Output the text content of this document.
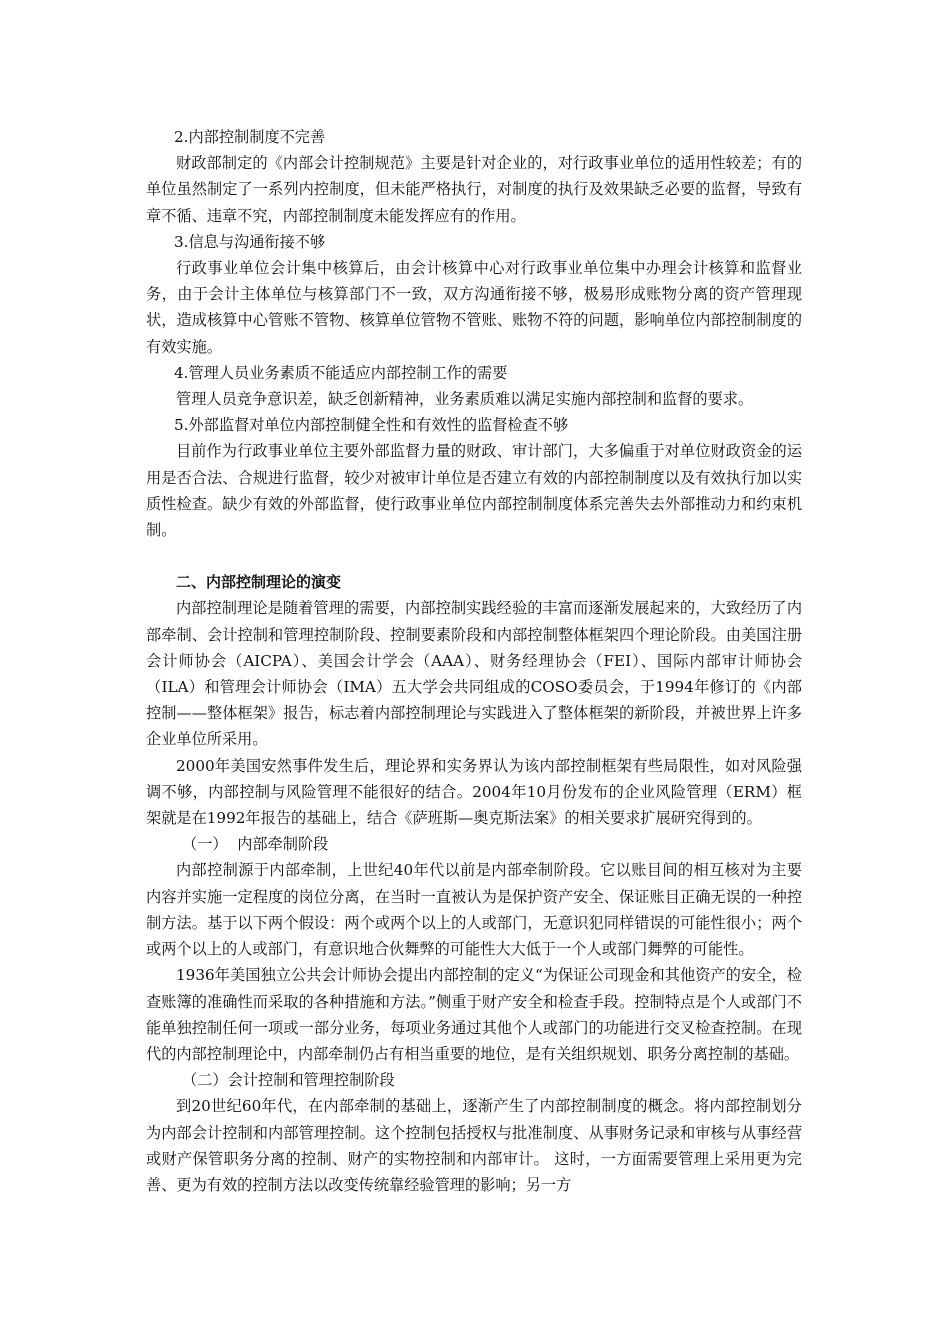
2.内部控制制度不完善

财政部制定的《内部会计控制规范》主要是针对企业的，对行政事业单位的适用性较差；有的单位虽然制定了一系列内控制度，但未能严格执行，对制度的执行及效果缺乏必要的监督，导致有章不循、违章不究，内部控制制度未能发挥应有的作用。

3.信息与沟通衔接不够

行政事业单位会计集中核算后，由会计核算中心对行政事业单位集中办理会计核算和监督业务，由于会计主体单位与核算部门不一致，双方沟通衔接不够，极易形成账物分离的资产管理现状，造成核算中心管账不管物、核算单位管物不管账、账物不符的问题，影响单位内部控制制度的有效实施。

4.管理人员业务素质不能适应内部控制工作的需要

管理人员竞争意识差，缺乏创新精神，业务素质难以满足实施内部控制和监督的要求。

5.外部监督对单位内部控制健全性和有效性的监督检查不够

目前作为行政事业单位主要外部监督力量的财政、审计部门，大多偏重于对单位财政资金的运用是否合法、合规进行监督，较少对被审计单位是否建立有效的内部控制制度以及有效执行加以实质性检查。缺少有效的外部监督，使行政事业单位内部控制制度体系完善失去外部推动力和约束机制。

二、内部控制理论的演变

内部控制理论是随着管理的需要，内部控制实践经验的丰富而逐渐发展起来的，大致经历了内部牵制、会计控制和管理控制阶段、控制要素阶段和内部控制整体框架四个理论阶段。由美国注册会计师协会（AICPA）、美国会计学会（AAA）、财务经理协会（FEI）、国际内部审计师协会（ILA）和管理会计师协会（IMA）五大学会共同组成的COSO委员会，于1994年修订的《内部控制——整体框架》报告，标志着内部控制理论与实践进入了整体框架的新阶段，并被世界上许多企业单位所采用。

2000年美国安然事件发生后，理论界和实务界认为该内部控制框架有些局限性，如对风险强调不够，内部控制与风险管理不能很好的结合。2004年10月份发布的企业风险管理（ERM）框架就是在1992年报告的基础上，结合《萨班斯—奥克斯法案》的相关要求扩展研究得到的。

（一）  内部牵制阶段

内部控制源于内部牵制，上世纪40年代以前是内部牵制阶段。它以账目间的相互核对为主要内容并实施一定程度的岗位分离，在当时一直被认为是保护资产安全、保证账目正确无误的一种控制方法。基于以下两个假设：两个或两个以上的人或部门，无意识犯同样错误的可能性很小；两个或两个以上的人或部门，有意识地合伙舞弊的可能性大大低于一个人或部门舞弊的可能性。

1936年美国独立公共会计师协会提出内部控制的定义“为保证公司现金和其他资产的安全，检查账簿的准确性而采取的各种措施和方法。”侧重于财产安全和检查手段。控制特点是个人或部门不能单独控制任何一项或一部分业务，每项业务通过其他个人或部门的功能进行交叉检查控制。在现代的内部控制理论中，内部牵制仍占有相当重要的地位，是有关组织规划、职务分离控制的基础。

（二）会计控制和管理控制阶段

到20世纪60年代，在内部牵制的基础上，逐渐产生了内部控制制度的概念。将内部控制划分为内部会计控制和内部管理控制。这个控制包括授权与批准制度、从事财务记录和审核与从事经营或财产保管职务分离的控制、财产的实物控制和内部审计。 这时，一方面需要管理上采用更为完善、更为有效的控制方法以改变传统靠经验管理的影响；另一方
